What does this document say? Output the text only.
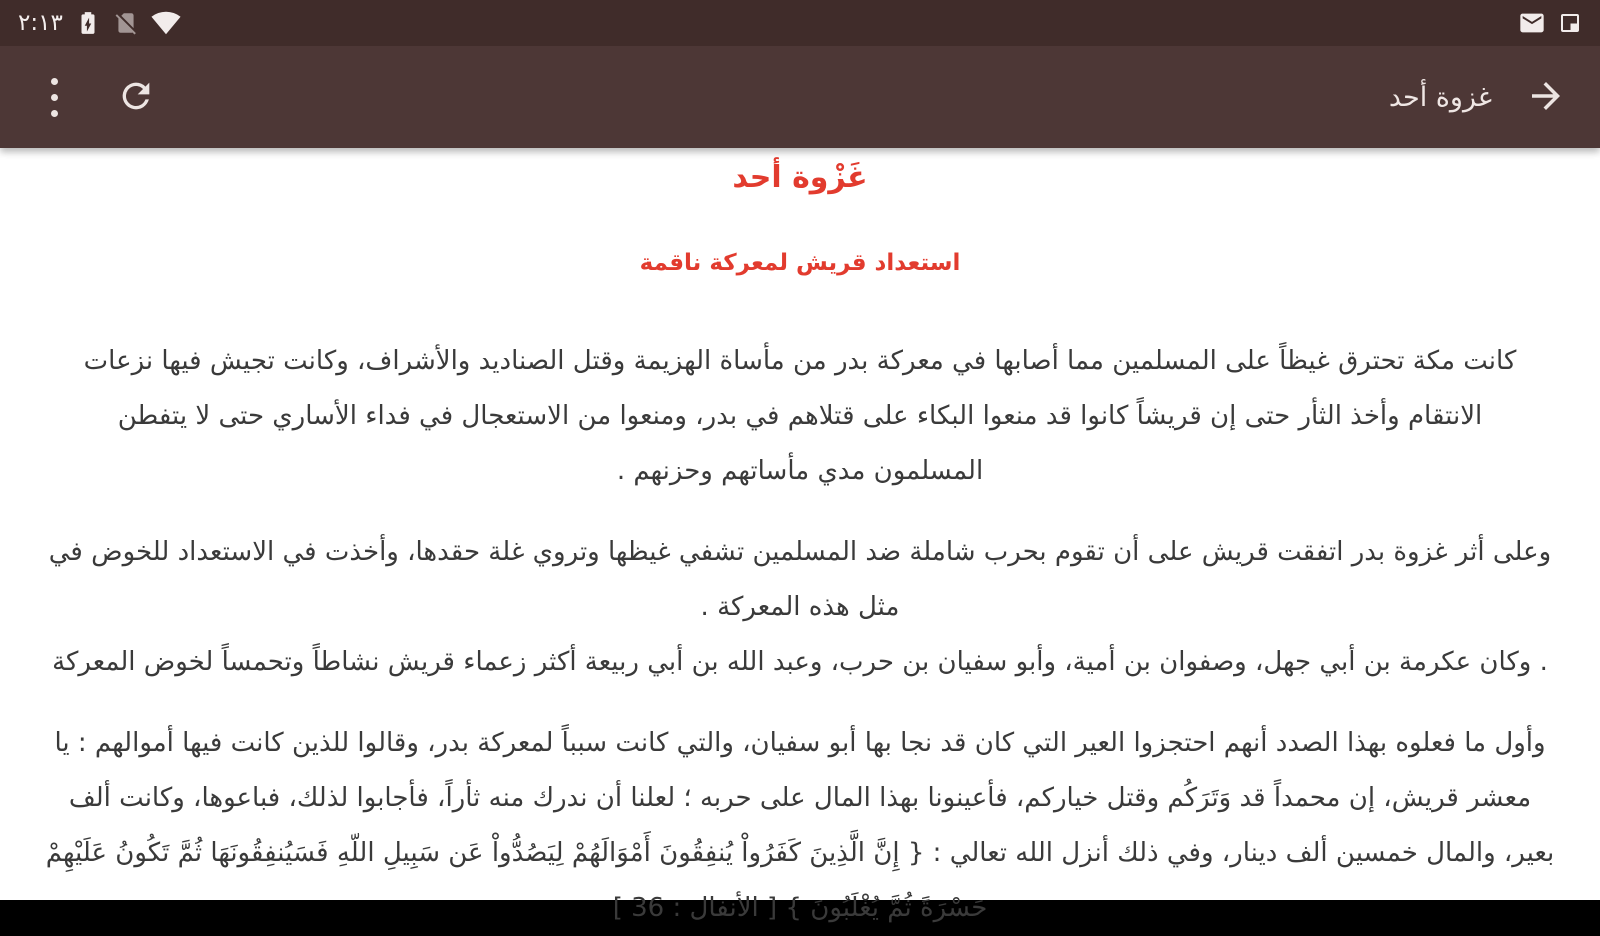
٢:١٣
غزوة أحد
غَزْوة أحد
استعداد قريش لمعركة ناقمة
كانت مكة تحترق غيظاً على المسلمين مما أصابها في معركة بدر من مأساة الهزيمة وقتل الصناديد والأشراف، وكانت تجيش فيها نزعات
الانتقام وأخذ الثأر حتى إن قريشاً كانوا قد منعوا البكاء على قتلاهم في بدر، ومنعوا من الاستعجال في فداء الأساري حتى لا يتفطن
المسلمون مدي مأساتهم وحزنهم .
وعلى أثر غزوة بدر اتفقت قريش على أن تقوم بحرب شاملة ضد المسلمين تشفي غيظها وتروي غلة حقدها، وأخذت في الاستعداد للخوض في
مثل هذه المعركة .
. وكان عكرمة بن أبي جهل، وصفوان بن أمية، وأبو سفيان بن حرب، وعبد الله بن أبي ربيعة أكثر زعماء قريش نشاطاً وتحمساً لخوض المعركة
وأول ما فعلوه بهذا الصدد أنهم احتجزوا العير التي كان قد نجا بها أبو سفيان، والتي كانت سبباً لمعركة بدر، وقالوا للذين كانت فيها أموالهم : يا
معشر قريش، إن محمداً قد وَتَرَكُم وقتل خياركم، فأعينونا بهذا المال على حربه ؛ لعلنا أن ندرك منه ثأراً، فأجابوا لذلك، فباعوها، وكانت ألف
بعير، والمال خمسين ألف دينار، وفي ذلك أنزل الله تعالي : { إِنَّ الَّذِينَ كَفَرُواْ يُنفِقُونَ أَمْوَالَهُمْ لِيَصُدُّواْ عَن سَبِيلِ اللّهِ فَسَيُنفِقُونَهَا ثُمَّ تَكُونُ عَلَيْهِمْ
حَسْرَةً ثُمَّ يُغْلَبُونَ } [ الأنفال : 36 ]
